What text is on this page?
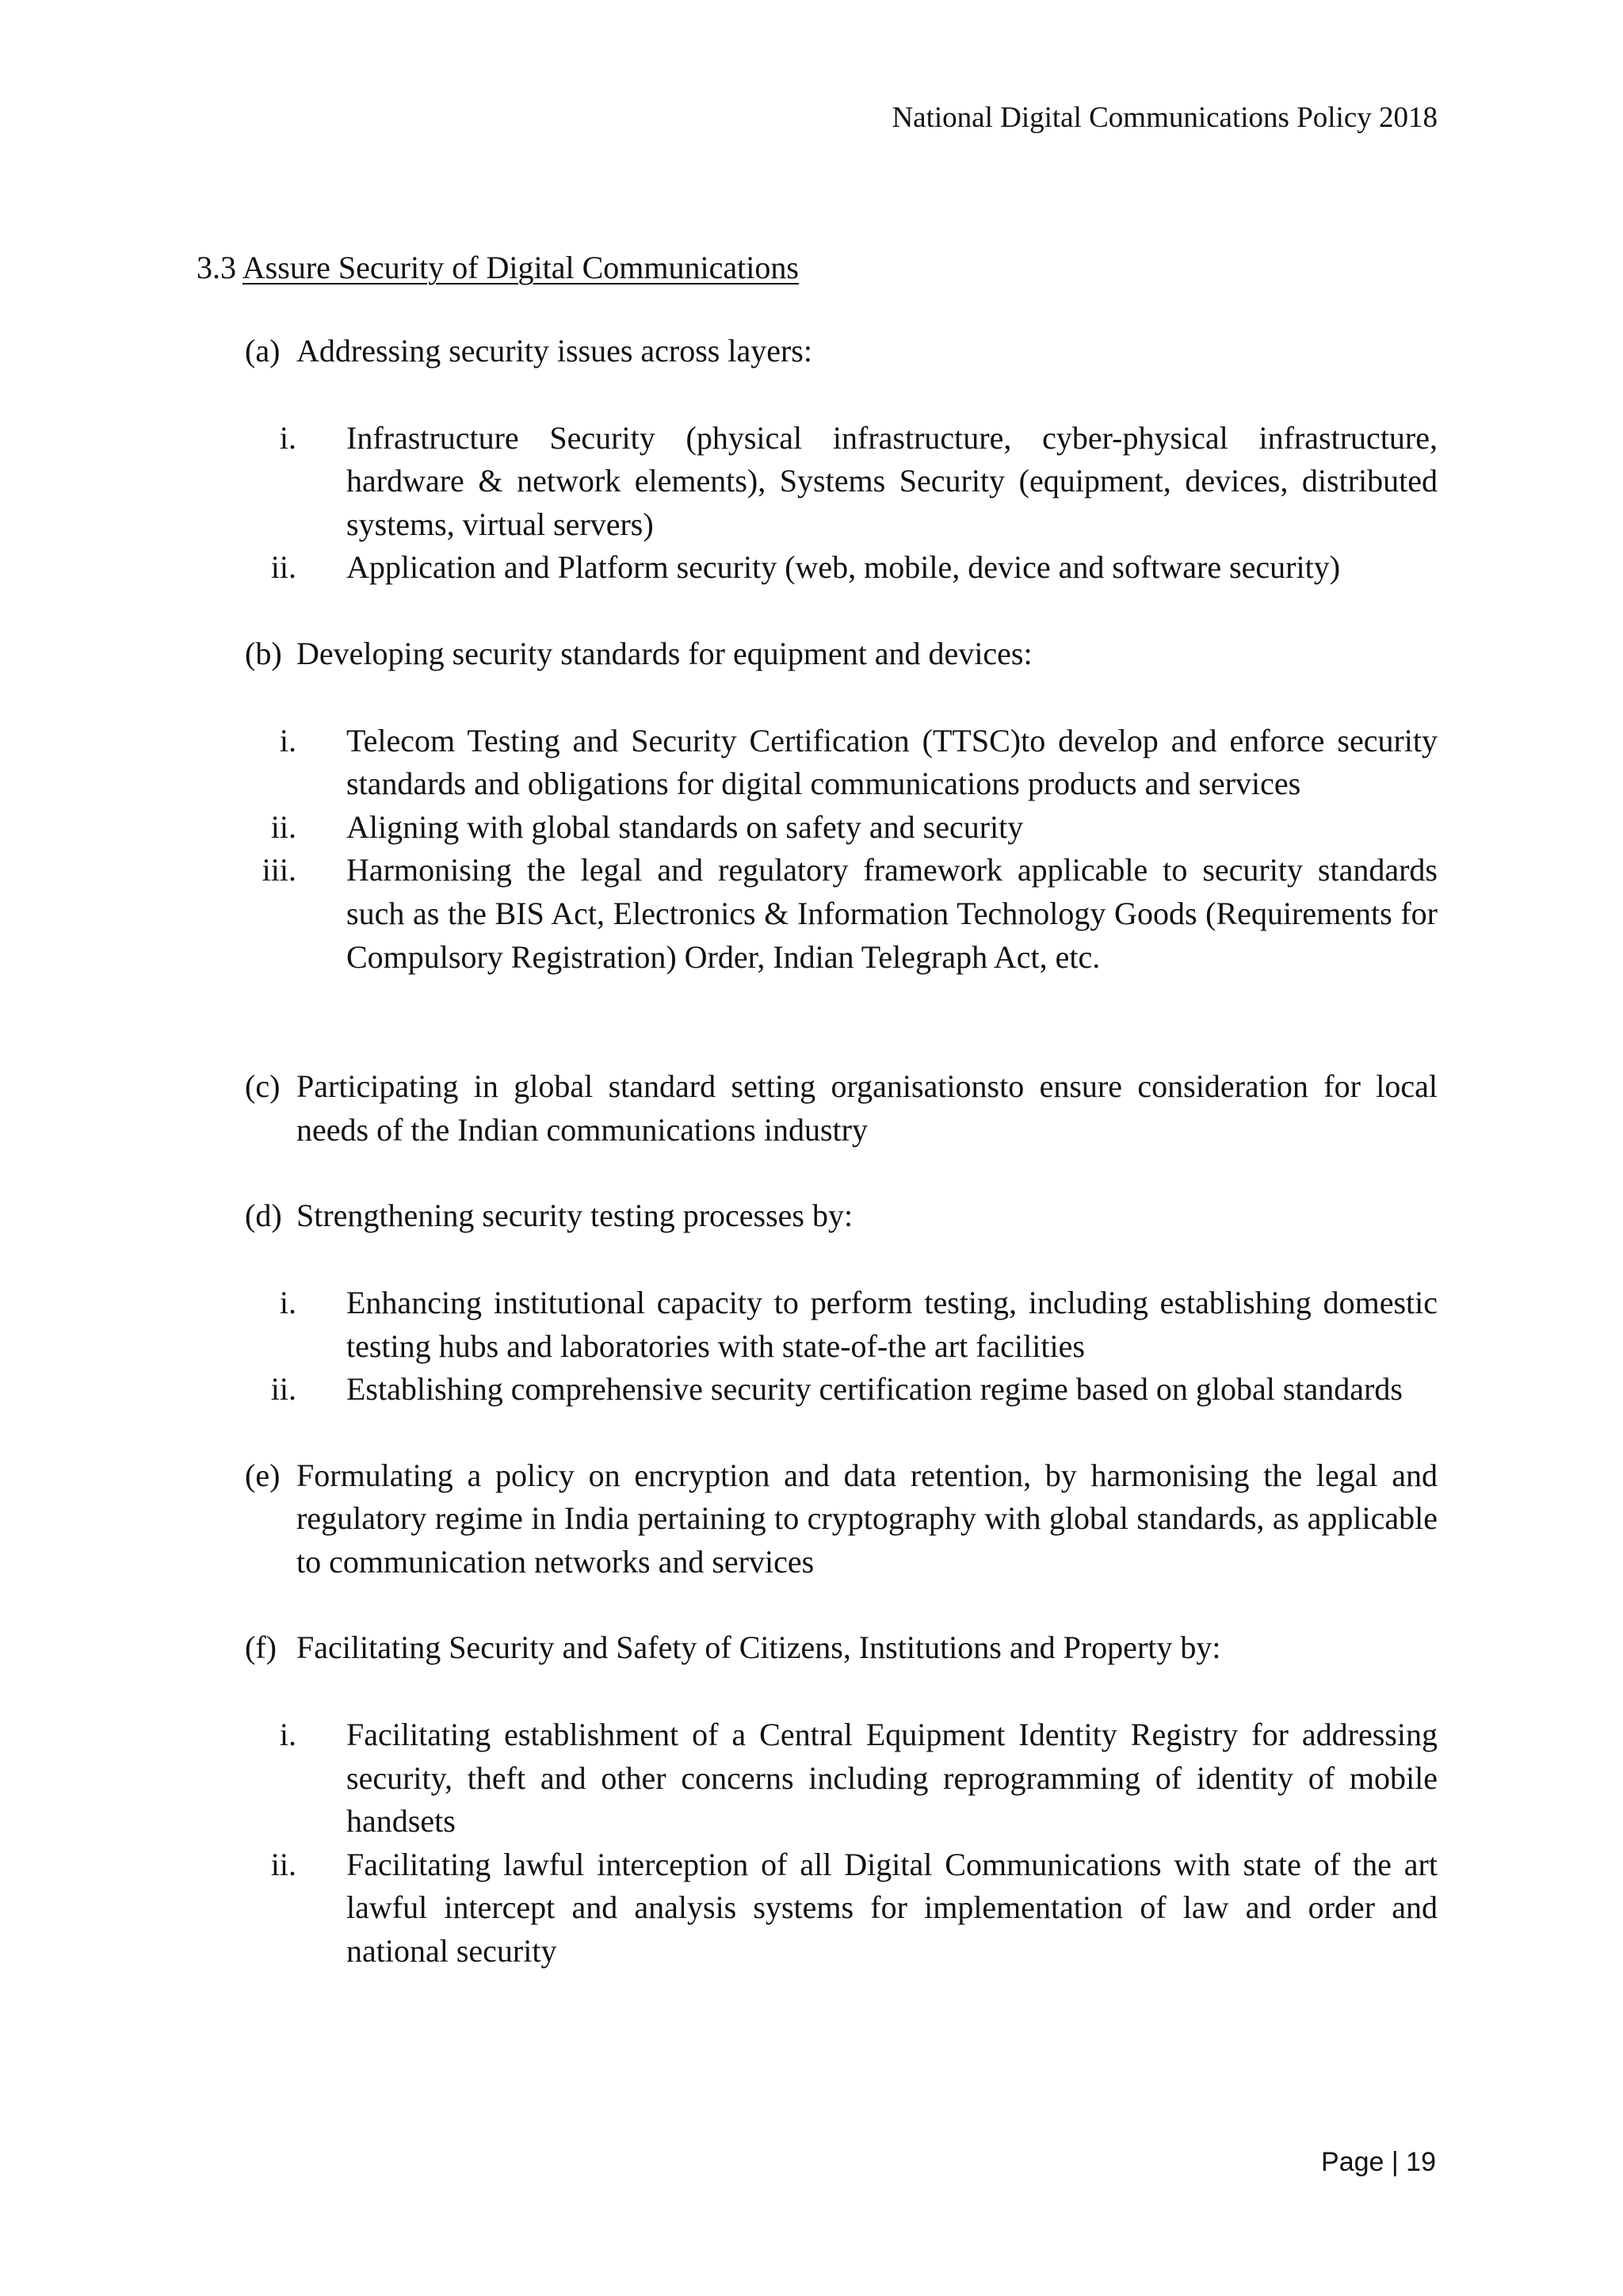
National Digital Communications Policy 2018
3.3 Assure Security of Digital Communications
(a) Addressing security issues across layers:
i. Infrastructure Security (physical infrastructure, cyber-physical infrastructure, hardware & network elements), Systems Security (equipment, devices, distributed systems, virtual servers)
ii. Application and Platform security (web, mobile, device and software security)
(b) Developing security standards for equipment and devices:
i. Telecom Testing and Security Certification (TTSC)to develop and enforce security standards and obligations for digital communications products and services
ii. Aligning with global standards on safety and security
iii. Harmonising the legal and regulatory framework applicable to security standards such as the BIS Act, Electronics & Information Technology Goods (Requirements for Compulsory Registration) Order, Indian Telegraph Act, etc.
(c) Participating in global standard setting organisationsto ensure consideration for local needs of the Indian communications industry
(d) Strengthening security testing processes by:
i. Enhancing institutional capacity to perform testing, including establishing domestic testing hubs and laboratories with state-of-the art facilities
ii. Establishing comprehensive security certification regime based on global standards
(e) Formulating a policy on encryption and data retention, by harmonising the legal and regulatory regime in India pertaining to cryptography with global standards, as applicable to communication networks and services
(f) Facilitating Security and Safety of Citizens, Institutions and Property by:
i. Facilitating establishment of a Central Equipment Identity Registry for addressing security, theft and other concerns including reprogramming of identity of mobile handsets
ii. Facilitating lawful interception of all Digital Communications with state of the art lawful intercept and analysis systems for implementation of law and order and national security
Page | 19
